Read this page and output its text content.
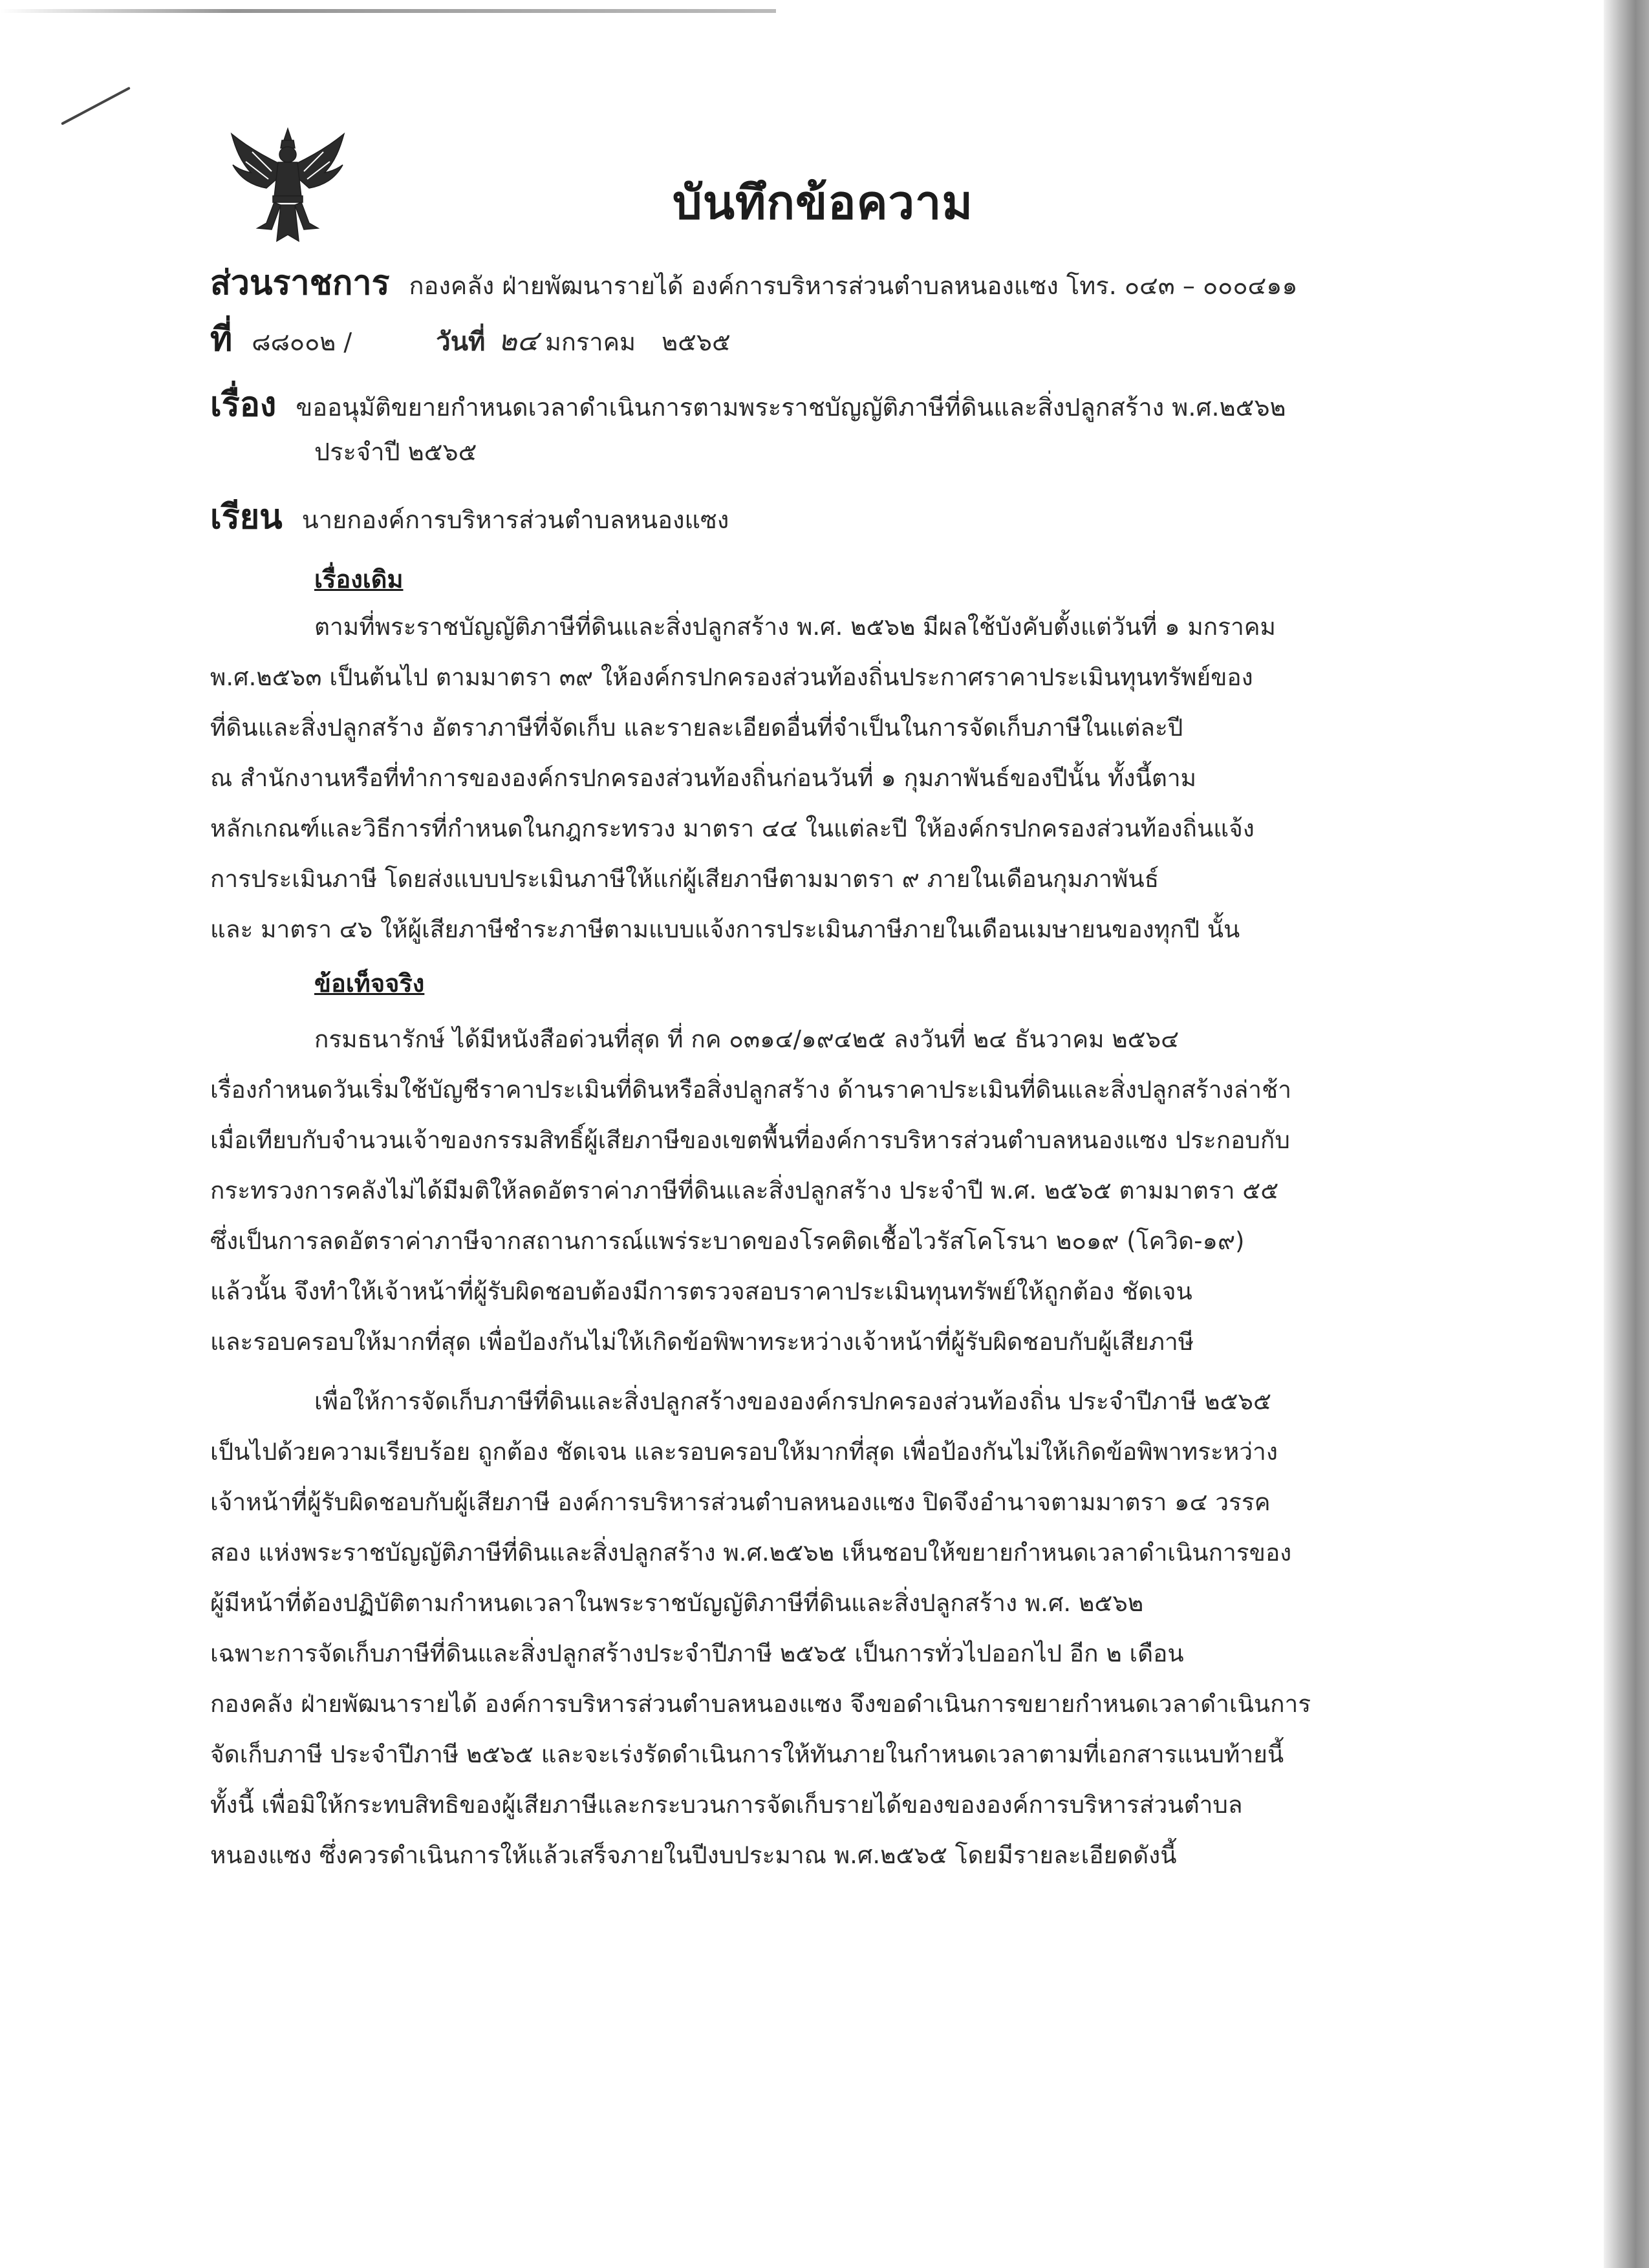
บันทึกข้อความ
ส่วนราชการ กองคลัง ฝ่ายพัฒนารายได้ องค์การบริหารส่วนตำบลหนองแซง โทร. ๐๔๓ – ๐๐๐๔๑๑
ที่ ๘๘๐๐๒ /	วันที่ ๒๔ มกราคม ๒๕๖๕
เรื่อง ขออนุมัติขยายกำหนดเวลาดำเนินการตามพระราชบัญญัติภาษีที่ดินและสิ่งปลูกสร้าง พ.ศ.๒๕๖๒
ประจำปี ๒๕๖๕
เรียน นายกองค์การบริหารส่วนตำบลหนองแซง
เรื่องเดิม
ตามที่พระราชบัญญัติภาษีที่ดินและสิ่งปลูกสร้าง พ.ศ. ๒๕๖๒ มีผลใช้บังคับตั้งแต่วันที่ ๑ มกราคม
พ.ศ.๒๕๖๓ เป็นต้นไป ตามมาตรา ๓๙ ให้องค์กรปกครองส่วนท้องถิ่นประกาศราคาประเมินทุนทรัพย์ของ
ที่ดินและสิ่งปลูกสร้าง อัตราภาษีที่จัดเก็บ และรายละเอียดอื่นที่จำเป็นในการจัดเก็บภาษีในแต่ละปี
ณ สำนักงานหรือที่ทำการขององค์กรปกครองส่วนท้องถิ่นก่อนวันที่ ๑ กุมภาพันธ์ของปีนั้น ทั้งนี้ตาม
หลักเกณฑ์และวิธีการที่กำหนดในกฎกระทรวง มาตรา ๔๔ ในแต่ละปี ให้องค์กรปกครองส่วนท้องถิ่นแจ้ง
การประเมินภาษี โดยส่งแบบประเมินภาษีให้แก่ผู้เสียภาษีตามมาตรา ๙ ภายในเดือนกุมภาพันธ์
และ มาตรา ๔๖ ให้ผู้เสียภาษีชำระภาษีตามแบบแจ้งการประเมินภาษีภายในเดือนเมษายนของทุกปี นั้น
ข้อเท็จจริง
กรมธนารักษ์ ได้มีหนังสือด่วนที่สุด ที่ กค ๐๓๑๔/๑๙๔๒๕ ลงวันที่ ๒๔ ธันวาคม ๒๕๖๔
เรื่องกำหนดวันเริ่มใช้บัญชีราคาประเมินที่ดินหรือสิ่งปลูกสร้าง ด้านราคาประเมินที่ดินและสิ่งปลูกสร้างล่าช้า
เมื่อเทียบกับจำนวนเจ้าของกรรมสิทธิ์ผู้เสียภาษีของเขตพื้นที่องค์การบริหารส่วนตำบลหนองแซง ประกอบกับ
กระทรวงการคลังไม่ได้มีมติให้ลดอัตราค่าภาษีที่ดินและสิ่งปลูกสร้าง ประจำปี พ.ศ. ๒๕๖๕ ตามมาตรา ๕๕
ซึ่งเป็นการลดอัตราค่าภาษีจากสถานการณ์แพร่ระบาดของโรคติดเชื้อไวรัสโคโรนา ๒๐๑๙ (โควิด-๑๙)
แล้วนั้น จึงทำให้เจ้าหน้าที่ผู้รับผิดชอบต้องมีการตรวจสอบราคาประเมินทุนทรัพย์ให้ถูกต้อง ชัดเจน
และรอบครอบให้มากที่สุด เพื่อป้องกันไม่ให้เกิดข้อพิพาทระหว่างเจ้าหน้าที่ผู้รับผิดชอบกับผู้เสียภาษี
เพื่อให้การจัดเก็บภาษีที่ดินและสิ่งปลูกสร้างขององค์กรปกครองส่วนท้องถิ่น ประจำปีภาษี ๒๕๖๕
เป็นไปด้วยความเรียบร้อย ถูกต้อง ชัดเจน และรอบครอบให้มากที่สุด เพื่อป้องกันไม่ให้เกิดข้อพิพาทระหว่าง
เจ้าหน้าที่ผู้รับผิดชอบกับผู้เสียภาษี องค์การบริหารส่วนตำบลหนองแซง ปิดจึงอำนาจตามมาตรา ๑๔ วรรค
สอง แห่งพระราชบัญญัติภาษีที่ดินและสิ่งปลูกสร้าง พ.ศ.๒๕๖๒ เห็นชอบให้ขยายกำหนดเวลาดำเนินการของ
ผู้มีหน้าที่ต้องปฏิบัติตามกำหนดเวลาในพระราชบัญญัติภาษีที่ดินและสิ่งปลูกสร้าง พ.ศ. ๒๕๖๒
เฉพาะการจัดเก็บภาษีที่ดินและสิ่งปลูกสร้างประจำปีภาษี ๒๕๖๕ เป็นการทั่วไปออกไป อีก ๒ เดือน
กองคลัง ฝ่ายพัฒนารายได้ องค์การบริหารส่วนตำบลหนองแซง จึงขอดำเนินการขยายกำหนดเวลาดำเนินการ
จัดเก็บภาษี ประจำปีภาษี ๒๕๖๕ และจะเร่งรัดดำเนินการให้ทันภายในกำหนดเวลาตามที่เอกสารแนบท้ายนี้
ทั้งนี้ เพื่อมิให้กระทบสิทธิของผู้เสียภาษีและกระบวนการจัดเก็บรายได้ของขององค์การบริหารส่วนตำบล
หนองแซง ซึ่งควรดำเนินการให้แล้วเสร็จภายในปีงบประมาณ พ.ศ.๒๕๖๕ โดยมีรายละเอียดดังนี้
